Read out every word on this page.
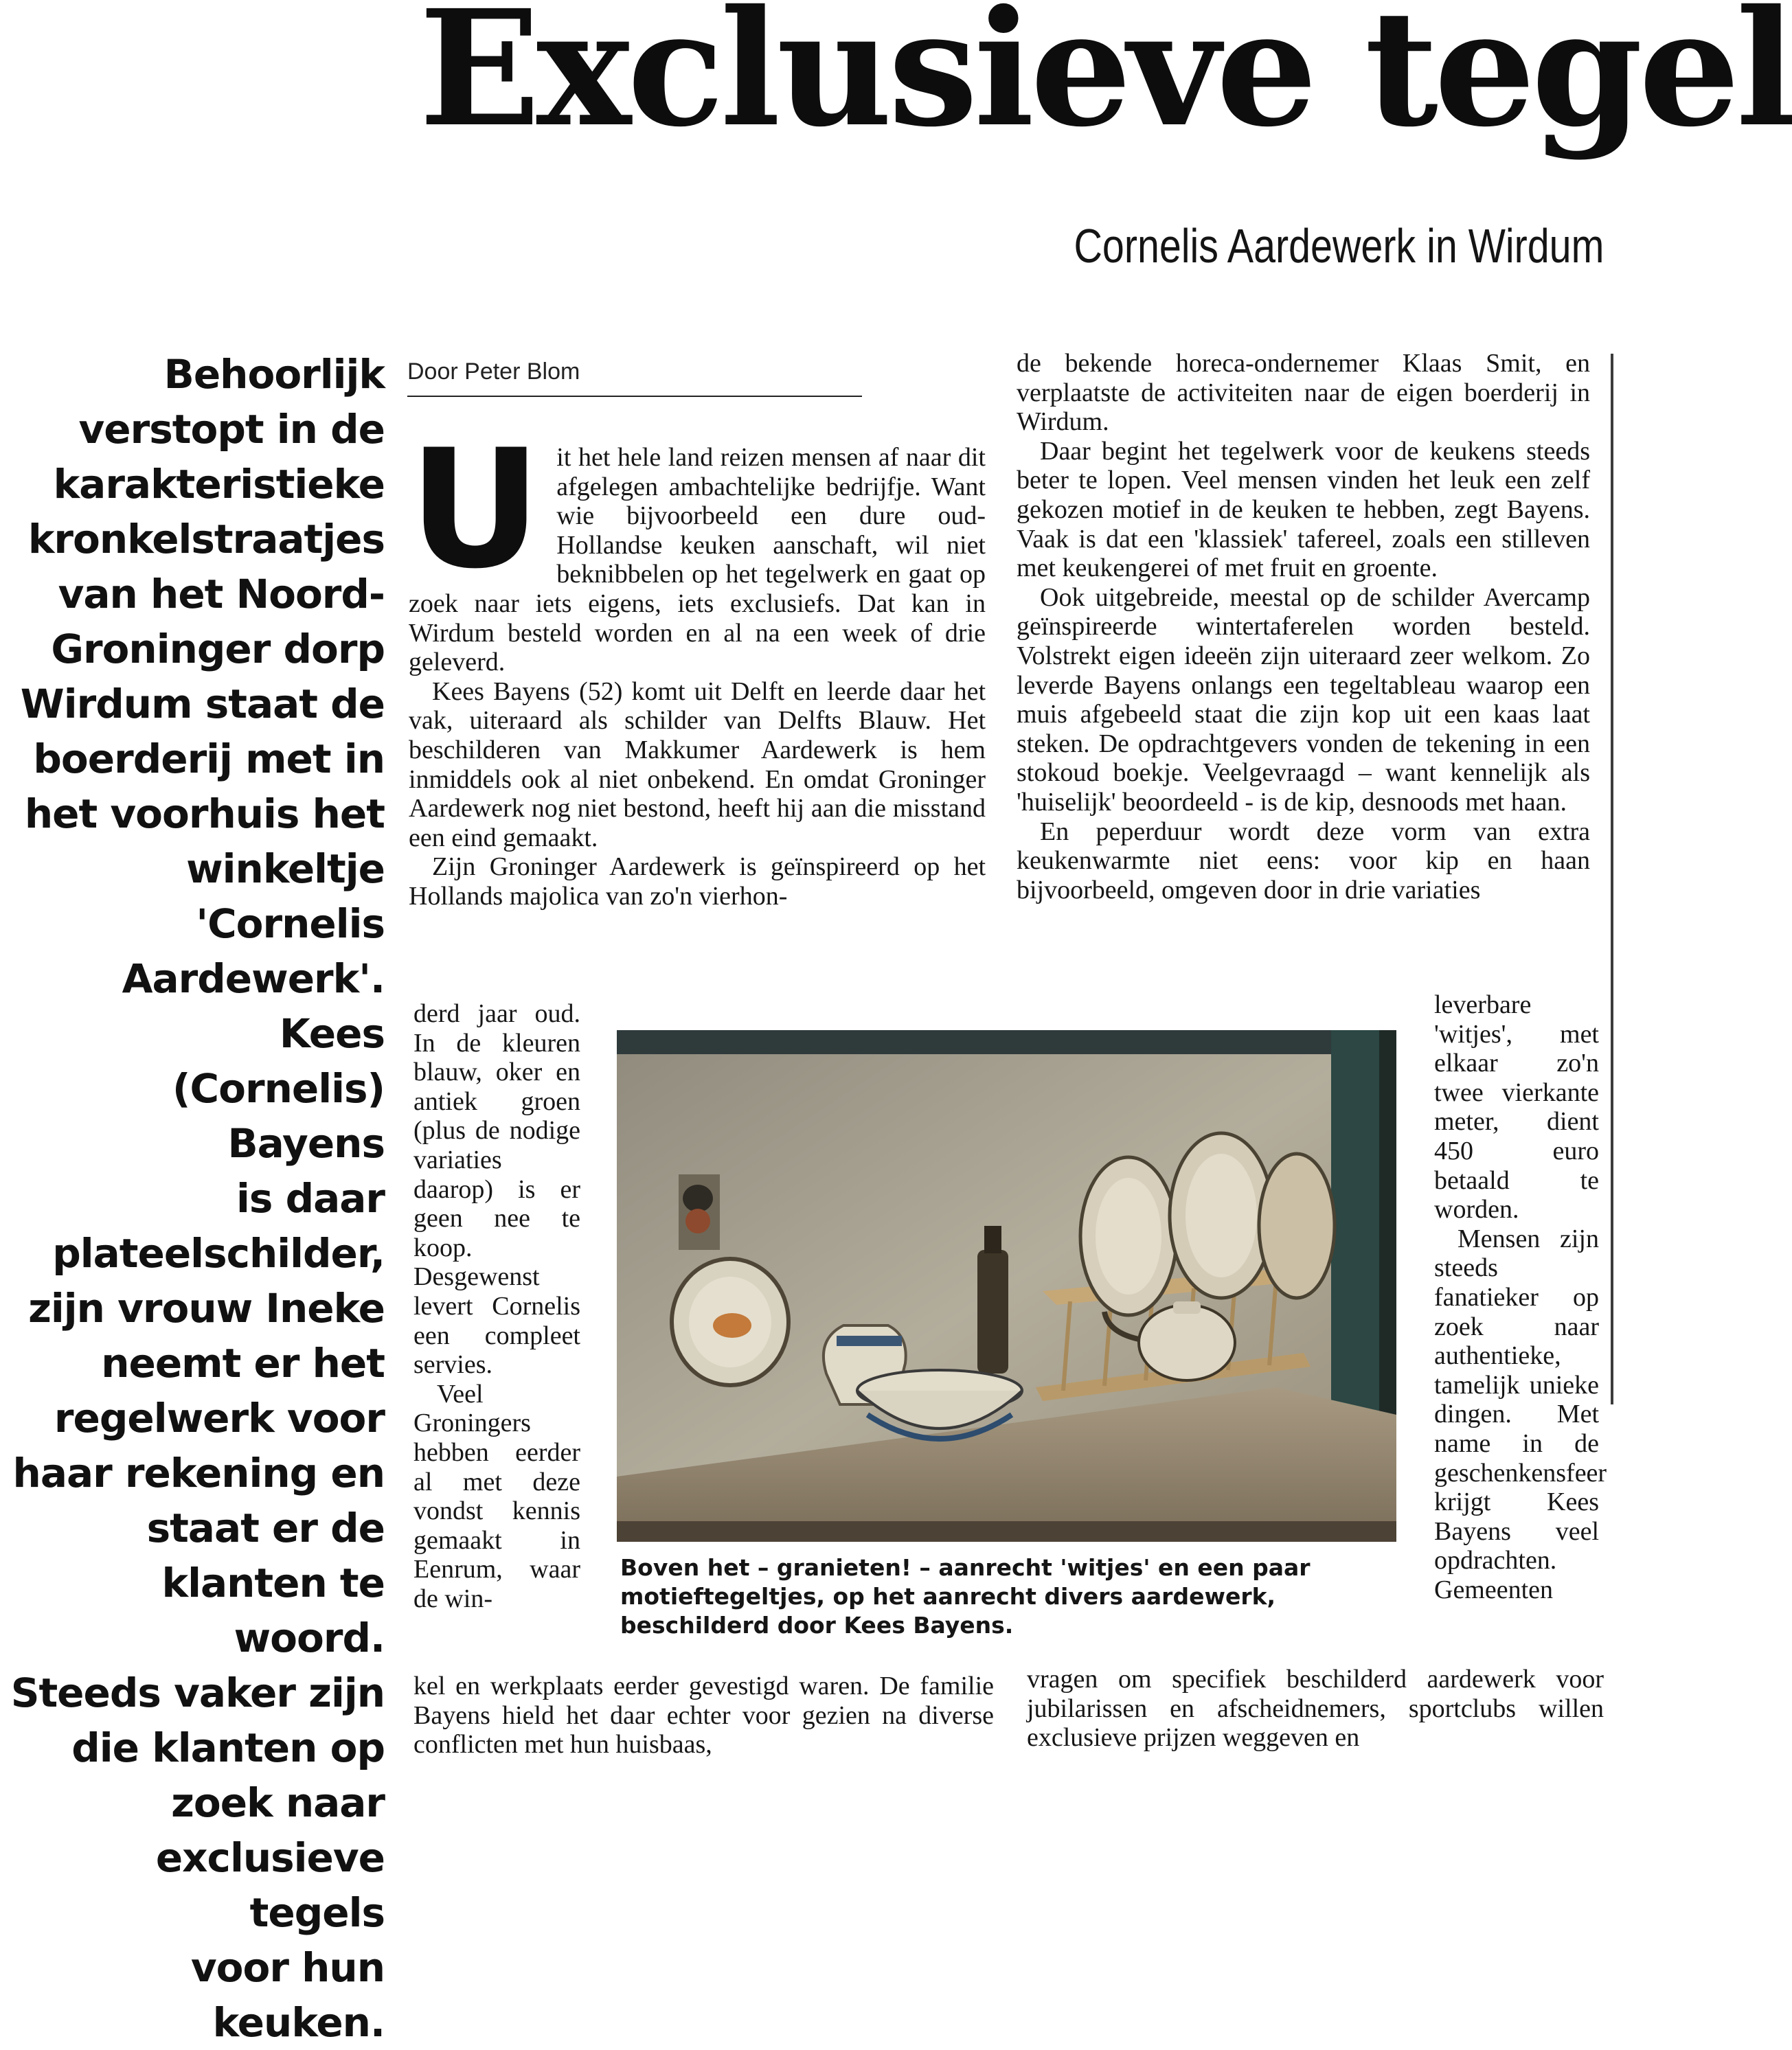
Exclusieve tegel
Cornelis Aardewerk in Wirdum
Behoorlijk
verstopt in de
karakteristieke
kronkelstraatjes
van het Noord-
Groninger dorp
Wirdum staat de
boerderij met in
het voorhuis het
winkeltje
'Cornelis
Aardewerk'. Kees
(Cornelis) Bayens
is daar
plateelschilder,
zijn vrouw Ineke
neemt er het
regelwerk voor
haar rekening en
staat er de
klanten te woord.
Steeds vaker zijn
die klanten op
zoek naar
exclusieve tegels
voor hun keuken.
Door Peter Blom
U it het hele land reizen mensen af naar dit afgelegen ambachtelijke bedrijfje. Want wie bijvoorbeeld een dure oud-Hollandse keuken aanschaft, wil niet beknibbelen op het tegelwerk en gaat op zoek naar iets eigens, iets exclusiefs. Dat kan in Wirdum besteld worden en al na een week of drie geleverd.

Kees Bayens (52) komt uit Delft en leerde daar het vak, uiteraard als schilder van Delfts Blauw. Het beschilderen van Makkumer Aardewerk is hem inmiddels ook al niet onbekend. En omdat Groninger Aardewerk nog niet bestond, heeft hij aan die misstand een eind gemaakt.

Zijn Groninger Aardewerk is geïnspireerd op het Hollands majolica van zo'n vierhon-

derd jaar oud. In de kleuren blauw, oker en antiek groen (plus de nodige variaties daarop) is er geen nee te koop. Desgewenst levert Cornelis een compleet servies.

Veel Groningers hebben eerder al met deze vondst kennis gemaakt in Eenrum, waar de win-

kel en werkplaats eerder gevestigd waren. De familie Bayens hield het daar echter voor gezien na diverse conflicten met hun huisbaas,

de bekende horeca-ondernemer Klaas Smit, en verplaatste de activiteiten naar de eigen boerderij in Wirdum.

Daar begint het tegelwerk voor de keukens steeds beter te lopen. Veel mensen vinden het leuk een zelf gekozen motief in de keuken te hebben, zegt Bayens. Vaak is dat een 'klassiek' tafereel, zoals een stilleven met keukengerei of met fruit en groente.

Ook uitgebreide, meestal op de schilder Avercamp geïnspireerde wintertaferelen worden besteld. Volstrekt eigen ideeën zijn uiteraard zeer welkom. Zo leverde Bayens onlangs een tegeltableau waarop een muis afgebeeld staat die zijn kop uit een kaas laat steken. De opdrachtgevers vonden de tekening in een stokoud boekje. Veelgevraagd – want kennelijk als 'huiselijk' beoordeeld - is de kip, desnoods met haan.

En peperduur wordt deze vorm van extra keukenwarmte niet eens: voor kip en haan bijvoorbeeld, omgeven door in drie variaties

leverbare 'witjes', met elkaar zo'n twee vierkante meter, dient 450 euro betaald te worden.

Mensen zijn steeds fanatieker op zoek naar authentieke, tamelijk unieke dingen. Met name in de geschenkensfeer krijgt Kees Bayens veel opdrachten. Gemeenten

vragen om specifiek beschilderd aardewerk voor jubilarissen en afscheidnemers, sportclubs willen exclusieve prijzen weggeven en

Boven het – granieten! – aanrecht 'witjes' en een paar motieftegeltjes, op het aanrecht divers aardewerk, beschilderd door Kees Bayens.
